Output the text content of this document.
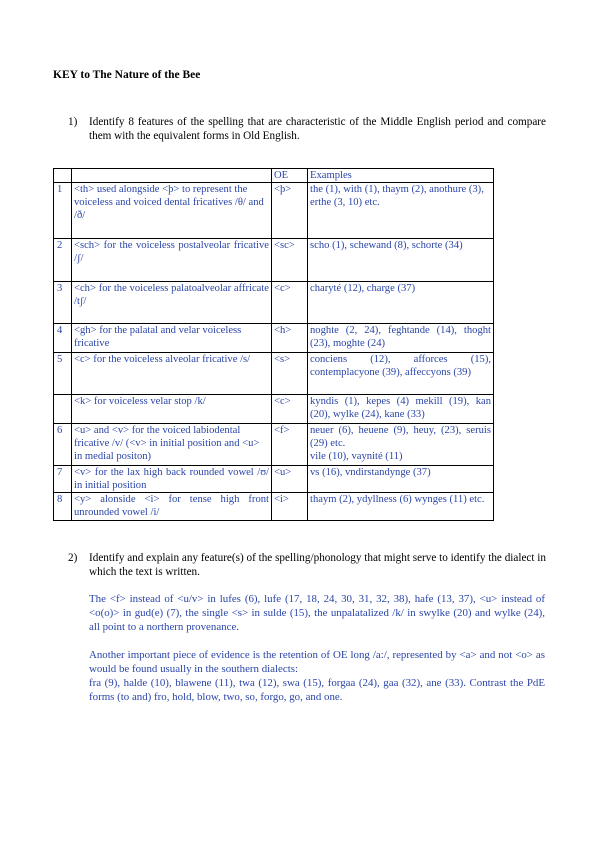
KEY to The Nature of the Bee
1) Identify 8 features of the spelling that are characteristic of the Middle English period and compare them with the equivalent forms in Old English.
		OE	Examples
1	<th> used alongside <þ> to represent the voiceless and voiced dental fricatives /θ/ and /ð/	<þ>	the (1), with (1), thaym (2), anothure (3), erthe (3, 10) etc.
2	<sch> for the voiceless postalveolar fricative /ʃ/	<sc>	scho (1), schewand (8), schorte (34)
3	<ch> for the voiceless palatoalveolar affricate /tʃ/	<c>	charyté (12), charge (37)
4	<gh> for the palatal and velar voiceless fricative	<h>	noghte (2, 24), feghtande (14), thoght (23), moghte (24)
5	<c> for the voiceless alveolar fricative /s/	<s>	conciens (12), afforces (15), contemplacyone (39), affeccyons (39)
	<k> for voiceless velar stop /k/	<c>	kyndis (1), kepes (4) mekill (19), kan (20), wylke (24), kane (33)
6	<u> and <v> for the voiced labiodental fricative /v/ (<v> in initial position and <u> in medial positon)	<f>	neuer (6), heuene (9), heuy, (23), seruis (29) etc.
vile (10), vaynité (11)

7	<v> for the lax high back rounded vowel /ʊ/ in initial position	<u>	vs (16), vndirstandynge (37)
8	<y> alonside <i> for tense high front unrounded vowel /i/	<i>	thaym (2), ydyllness (6) wynges (11) etc.
2) Identify and explain any feature(s) of the spelling/phonology that might serve to identify the dialect in which the text is written.
The <f> instead of <u/v> in lufes (6), lufe (17, 18, 24, 30, 31, 32, 38), hafe (13, 37), <u> instead of <o(o)> in gud(e) (7), the single <s> in sulde (15), the unpalatalized /k/ in swylke (20) and wylke (24), all point to a northern provenance.
Another important piece of evidence is the retention of OE long /a:/, represented by <a> and not <o> as would be found usually in the southern dialects:
fra (9), halde (10), blawene (11), twa (12), swa (15), forgaa (24), gaa (32), ane (33). Contrast the PdE forms (to and) fro, hold, blow, two, so, forgo, go, and one.
